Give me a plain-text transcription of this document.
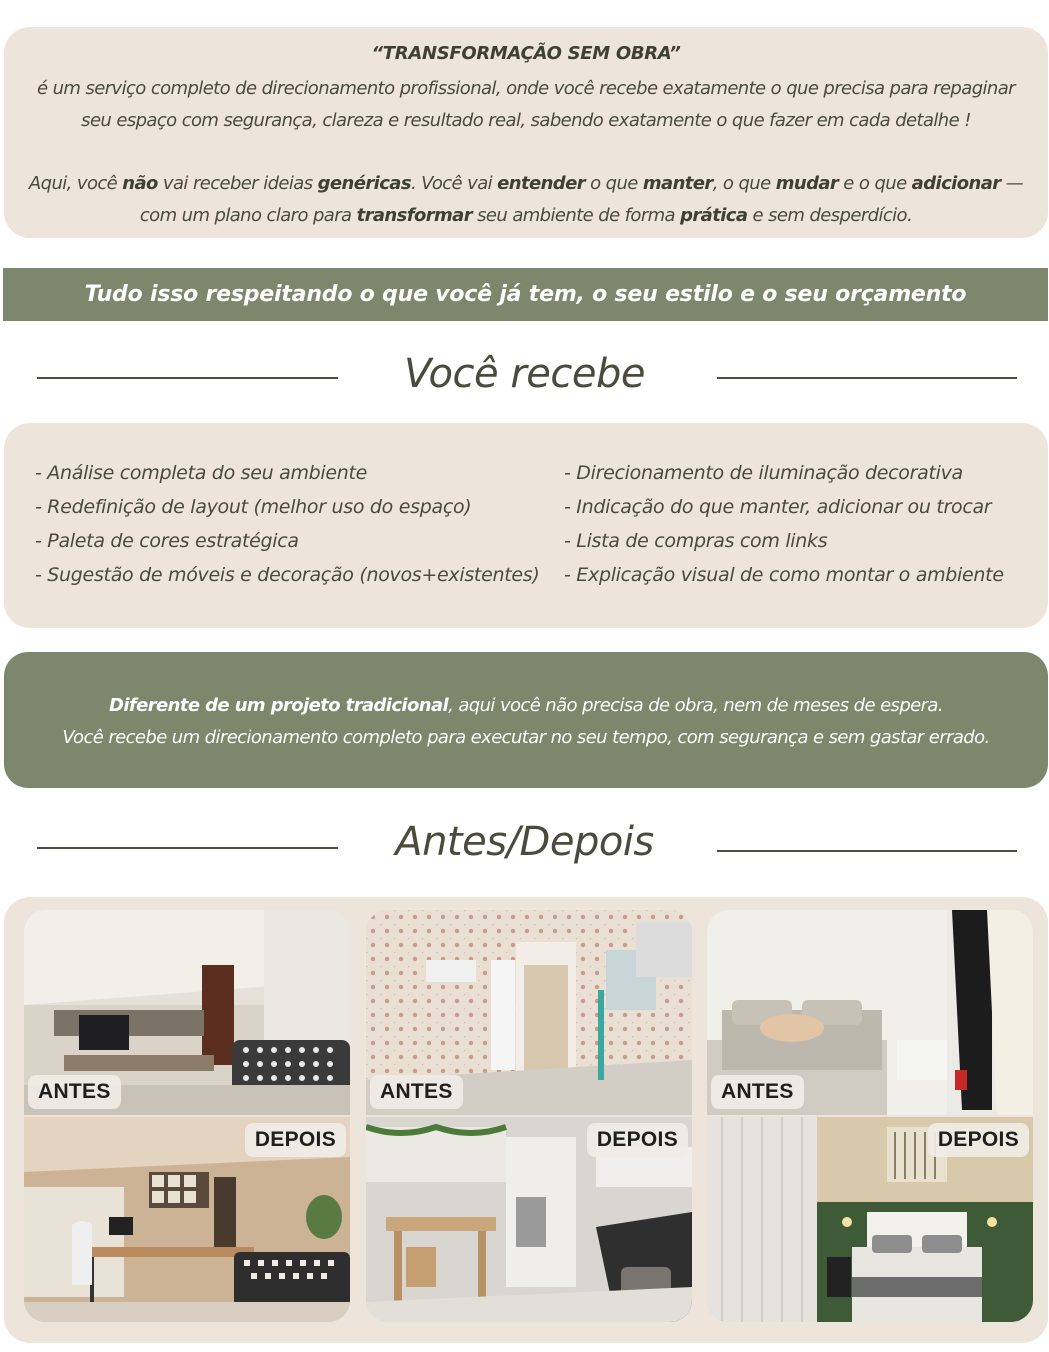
“TRANSFORMAÇÃO SEM OBRA”
é um serviço completo de direcionamento profissional, onde você recebe exatamente o que precisa para repaginar seu espaço com segurança, clareza e resultado real, sabendo exatamente o que fazer em cada detalhe !
Aqui, você não vai receber ideias genéricas. Você vai entender o que manter, o que mudar e o que adicionar — com um plano claro para transformar seu ambiente de forma prática e sem desperdício.
Tudo isso respeitando o que você já tem, o seu estilo e o seu orçamento
Você recebe
- Análise completa do seu ambiente
- Redefinição de layout (melhor uso do espaço)
- Paleta de cores estratégica
- Sugestão de móveis e decoração (novos+existentes)
- Direcionamento de iluminação decorativa
- Indicação do que manter, adicionar ou trocar
- Lista de compras com links
- Explicação visual de como montar o ambiente
Diferente de um projeto tradicional, aqui você não precisa de obra, nem de meses de espera.
Você recebe um direcionamento completo para executar no seu tempo, com segurança e sem gastar errado.
Antes/Depois
ANTES
DEPOIS
ANTES
DEPOIS
ANTES
DEPOIS
